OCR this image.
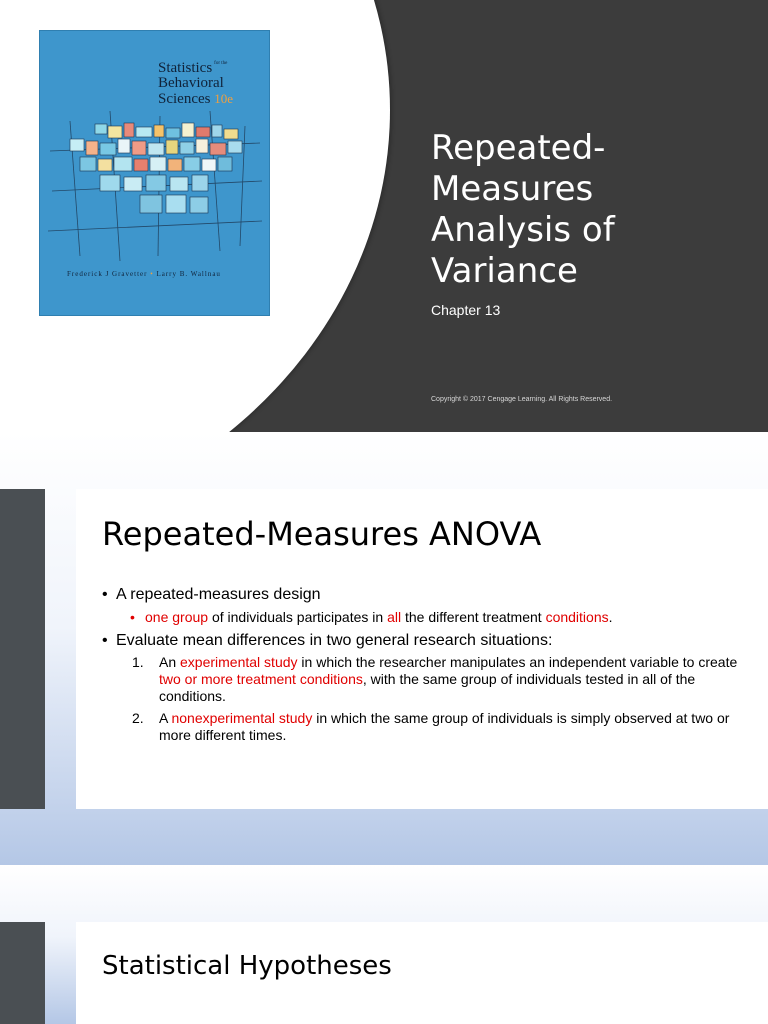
Statistics for the
Behavioral
Sciences 10e
Frederick J Gravetter • Larry B. Wallnau
Repeated-
Measures
Analysis of
Variance
Chapter 13
Copyright © 2017 Cengage Learning. All Rights Reserved.
Repeated-Measures ANOVA
• A repeated-measures design
• one group of individuals participates in all the different treatment conditions.
• Evaluate mean differences in two general research situations:
1. An experimental study in which the researcher manipulates an independent variable to create two or more treatment conditions, with the same group of individuals tested in all of the conditions.
2. A nonexperimental study in which the same group of individuals is simply observed at two or more different times.
Statistical Hypotheses
